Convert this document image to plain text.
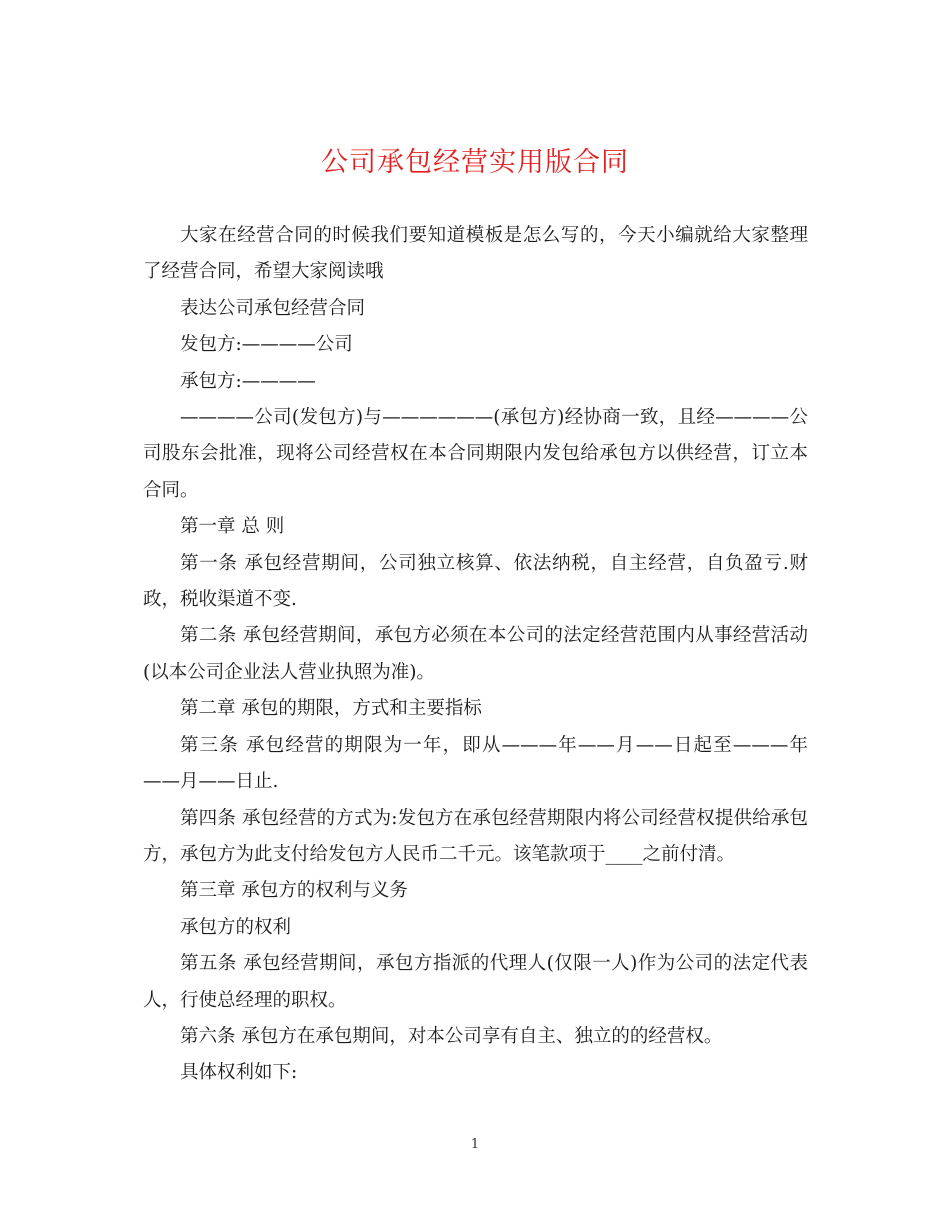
公司承包经营实用版合同

大家在经营合同的时候我们要知道模板是怎么写的，今天小编就给大家整理了经营合同，希望大家阅读哦

表达公司承包经营合同

发包方:————公司

承包方:————

————公司(发包方)与——————(承包方)经协商一致，且经————公司股东会批准，现将公司经营权在本合同期限内发包给承包方以供经营，订立本合同。

第一章 总 则

第一条 承包经营期间，公司独立核算、依法纳税，自主经营，自负盈亏.财政，税收渠道不变.

第二条 承包经营期间，承包方必须在本公司的法定经营范围内从事经营活动(以本公司企业法人营业执照为准)。

第二章 承包的期限，方式和主要指标

第三条 承包经营的期限为一年，即从———年——月——日起至———年——月——日止.

第四条 承包经营的方式为:发包方在承包经营期限内将公司经营权提供给承包方，承包方为此支付给发包方人民币二千元。该笔款项于____之前付清。

第三章 承包方的权利与义务

承包方的权利

第五条 承包经营期间，承包方指派的代理人(仅限一人)作为公司的法定代表人，行使总经理的职权。

第六条 承包方在承包期间，对本公司享有自主、独立的的经营权。

具体权利如下:

1
